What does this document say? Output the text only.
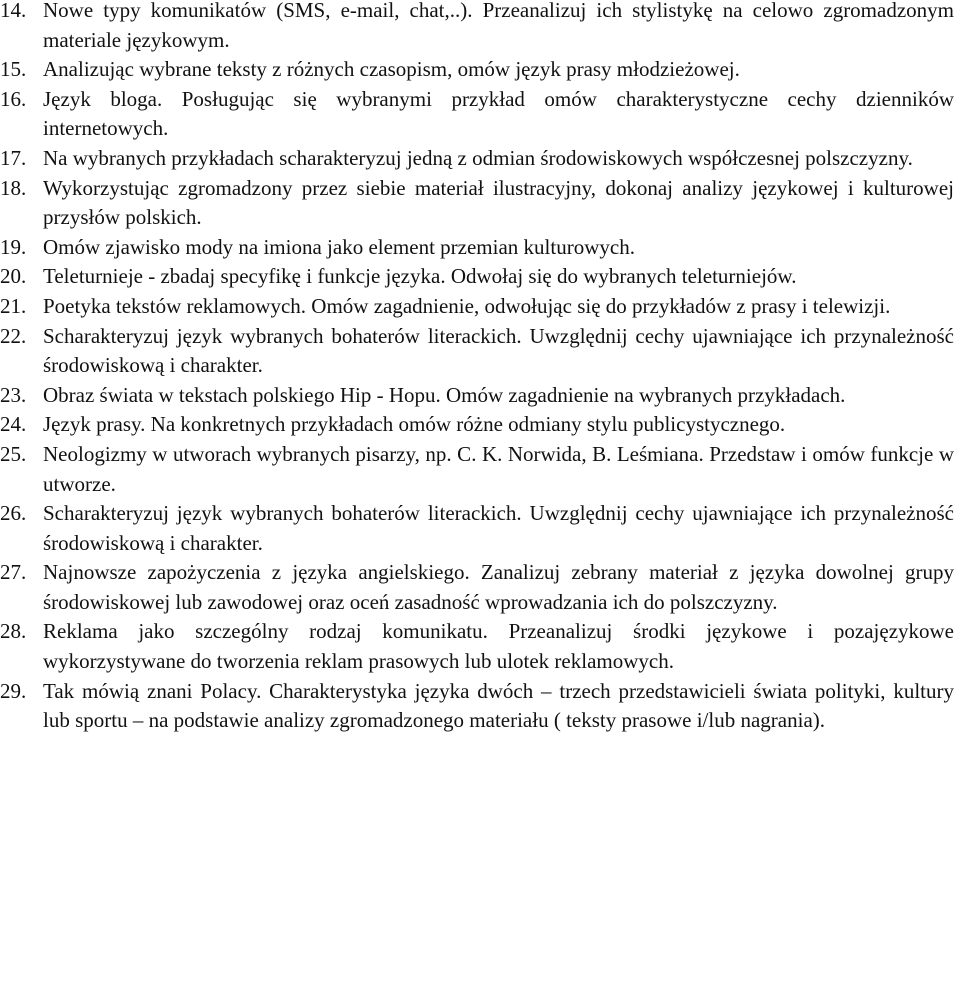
14. Nowe typy komunikatów (SMS, e-mail, chat,..). Przeanalizuj ich stylistykę na celowo zgromadzonym materiale językowym.
15. Analizując wybrane teksty z różnych czasopism, omów język prasy młodzieżowej.
16. Język bloga. Posługując się wybranymi przykład omów charakterystyczne cechy dzienników internetowych.
17. Na wybranych przykładach scharakteryzuj jedną z odmian środowiskowych współczesnej polszczyzny.
18. Wykorzystując zgromadzony przez siebie materiał ilustracyjny, dokonaj analizy językowej i kulturowej przysłów polskich.
19. Omów zjawisko mody na imiona jako element przemian kulturowych.
20. Teleturnieje - zbadaj specyfikę i funkcje języka. Odwołaj się do wybranych teleturniejów.
21. Poetyka tekstów reklamowych. Omów zagadnienie, odwołując się do przykładów z prasy i telewizji.
22. Scharakteryzuj język wybranych bohaterów literackich. Uwzględnij cechy ujawniające ich przynależność środowiskową i charakter.
23. Obraz świata w tekstach polskiego Hip - Hopu. Omów zagadnienie na wybranych przykładach.
24. Język prasy. Na konkretnych przykładach omów różne odmiany stylu publicystycznego.
25. Neologizmy w utworach wybranych pisarzy, np. C. K. Norwida, B. Leśmiana. Przedstaw i omów funkcje w utworze.
26. Scharakteryzuj język wybranych bohaterów literackich. Uwzględnij cechy ujawniające ich przynależność środowiskową i charakter.
27. Najnowsze zapożyczenia z języka angielskiego. Zanalizuj zebrany materiał z języka dowolnej grupy środowiskowej lub zawodowej oraz oceń zasadność wprowadzania ich do polszczyzny.
28. Reklama jako szczególny rodzaj komunikatu. Przeanalizuj środki językowe i pozajęzykowe wykorzystywane do tworzenia reklam prasowych lub ulotek reklamowych.
29. Tak mówią znani Polacy. Charakterystyka języka dwóch – trzech przedstawicieli świata polityki, kultury lub sportu – na podstawie analizy zgromadzonego materiału ( teksty prasowe i/lub nagrania).
